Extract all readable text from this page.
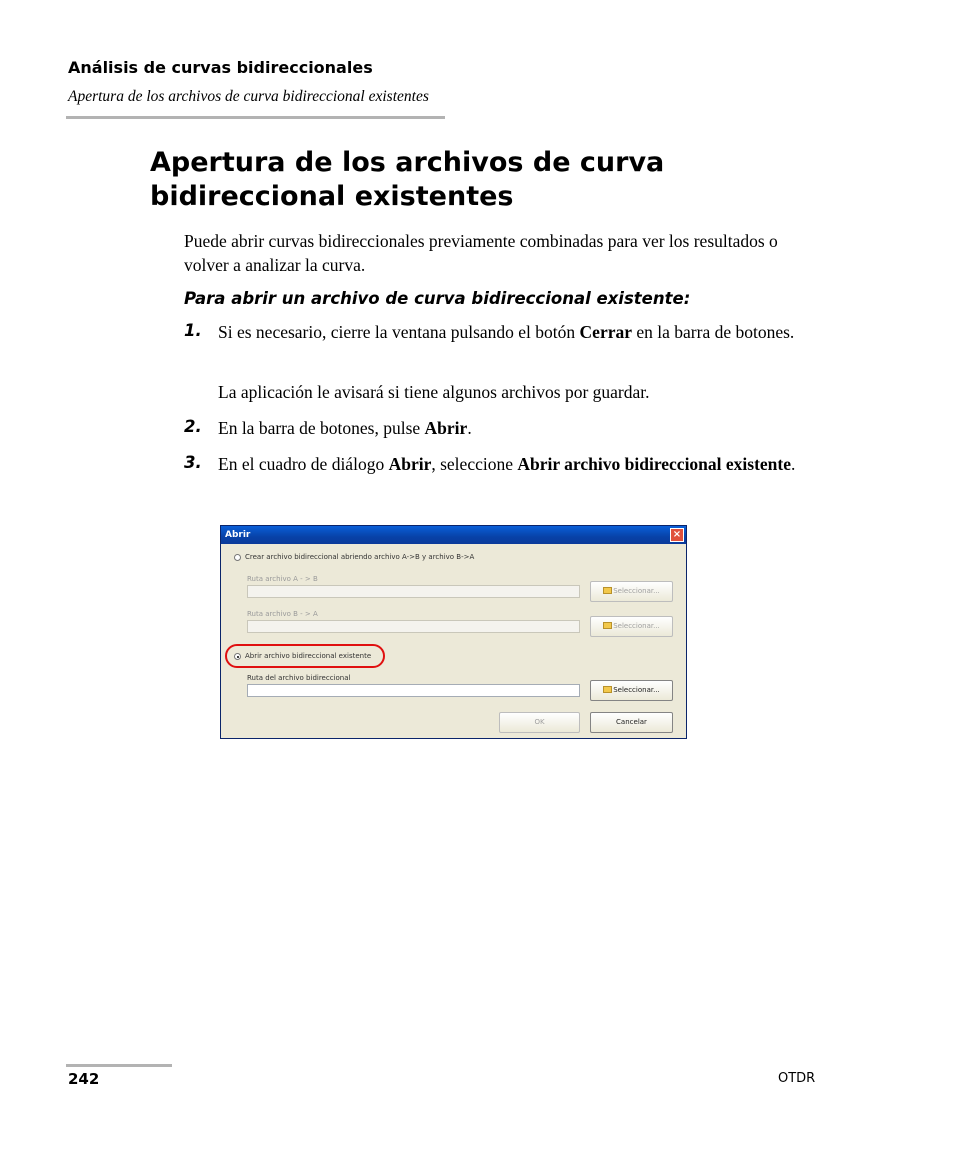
Análisis de curvas bidireccionales
Apertura de los archivos de curva bidireccional existentes
Apertura de los archivos de curva bidireccional existentes
Puede abrir curvas bidireccionales previamente combinadas para ver los resultados o volver a analizar la curva.
Para abrir un archivo de curva bidireccional existente:
1. Si es necesario, cierre la ventana pulsando el botón Cerrar en la barra de botones.
La aplicación le avisará si tiene algunos archivos por guardar.
2. En la barra de botones, pulse Abrir.
3. En el cuadro de diálogo Abrir, seleccione Abrir archivo bidireccional existente.
Abrir	×
Crear archivo bidireccional abriendo archivo A->B y archivo B->A
Ruta archivo A - > B
Seleccionar...
Ruta archivo B - > A
Seleccionar...
Abrir archivo bidireccional existente
Ruta del archivo bidireccional
Seleccionar...
OK	Cancelar
242	OTDR
